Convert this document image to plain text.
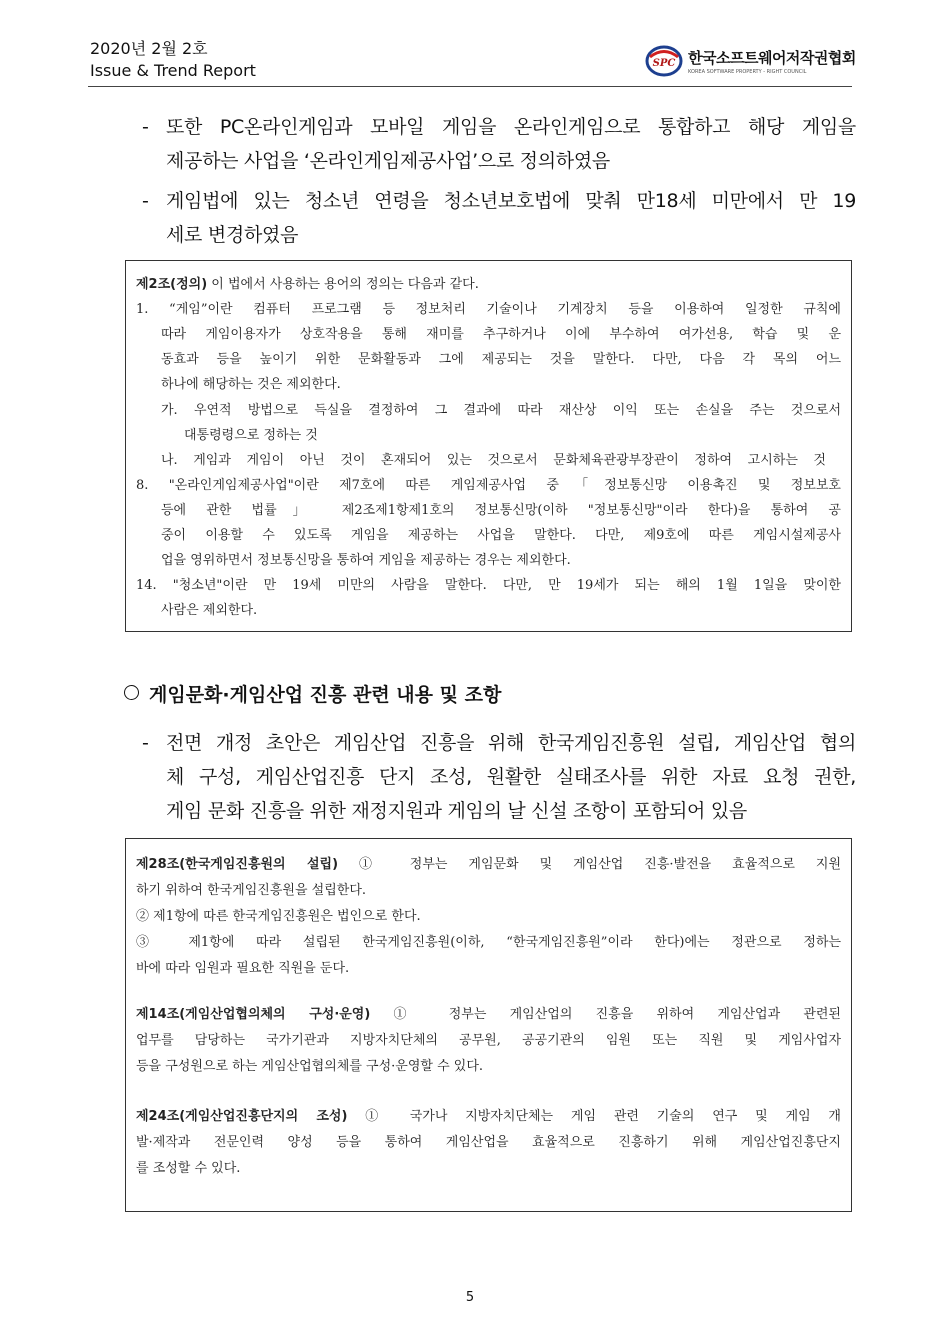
2020년 2월 2호
Issue & Trend Report	SPC 한국소프트웨어저작권협회
KOREA SOFTWARE PROPERTY - RIGHT COUNCIL
- 또한 PC온라인게임과 모바일 게임을 온라인게임으로 통합하고 해당 게임을
제공하는 사업을 ‘온라인게임제공사업’으로 정의하였음
- 게임법에 있는 청소년 연령을 청소년보호법에 맞춰 만18세 미만에서 만 19
세로 변경하였음
제2조(정의) 이 법에서 사용하는 용어의 정의는 다음과 같다.
1. “게임”이란 컴퓨터 프로그램 등 정보처리 기술이나 기계장치 등을 이용하여 일정한 규칙에
따라 게임이용자가 상호작용을 통해 재미를 추구하거나 이에 부수하여 여가선용, 학습 및 운
동효과 등을 높이기 위한 문화활동과 그에 제공되는 것을 말한다. 다만, 다음 각 목의 어느
하나에 해당하는 것은 제외한다.
가. 우연적 방법으로 득실을 결정하여 그 결과에 따라 재산상 이익 또는 손실을 주는 것으로서
대통령령으로 정하는 것
나. 게임과 게임이 아닌 것이 혼재되어 있는 것으로서 문화체육관광부장관이 정하여 고시하는 것
8. "온라인게임제공사업"이란 제7호에 따른 게임제공사업 중「정보통신망 이용촉진 및 정보보호
등에 관한 법률」 제2조제1항제1호의 정보통신망(이하 "정보통신망"이라 한다)을 통하여 공
중이 이용할 수 있도록 게임을 제공하는 사업을 말한다. 다만, 제9호에 따른 게임시설제공사
업을 영위하면서 정보통신망을 통하여 게임을 제공하는 경우는 제외한다.
14. "청소년"이란 만 19세 미만의 사람을 말한다. 다만, 만 19세가 되는 해의 1월 1일을 맞이한
사람은 제외한다.
게임문화·게임산업 진흥 관련 내용 및 조항
- 전면 개정 초안은 게임산업 진흥을 위해 한국게임진흥원 설립, 게임산업 협의
체 구성, 게임산업진흥 단지 조성, 원활한 실태조사를 위한 자료 요청 권한,
게임 문화 진흥을 위한 재정지원과 게임의 날 신설 조항이 포함되어 있음
제28조(한국게임진흥원의 설립) ① 정부는 게임문화 및 게임산업 진흥·발전을 효율적으로 지원
하기 위하여 한국게임진흥원을 설립한다.
② 제1항에 따른 한국게임진흥원은 법인으로 한다.
③ 제1항에 따라 설립된 한국게임진흥원(이하, “한국게임진흥원”이라 한다)에는 정관으로 정하는
바에 따라 임원과 필요한 직원을 둔다.
제14조(게임산업협의체의 구성·운영) ① 정부는 게임산업의 진흥을 위하여 게임산업과 관련된
업무를 담당하는 국가기관과 지방자치단체의 공무원, 공공기관의 임원 또는 직원 및 게임사업자
등을 구성원으로 하는 게임산업협의체를 구성·운영할 수 있다.
제24조(게임산업진흥단지의 조성) ① 국가나 지방자치단체는 게임 관련 기술의 연구 및 게임 개
발·제작과 전문인력 양성 등을 통하여 게임산업을 효율적으로 진흥하기 위해 게임산업진흥단지
를 조성할 수 있다.
5
